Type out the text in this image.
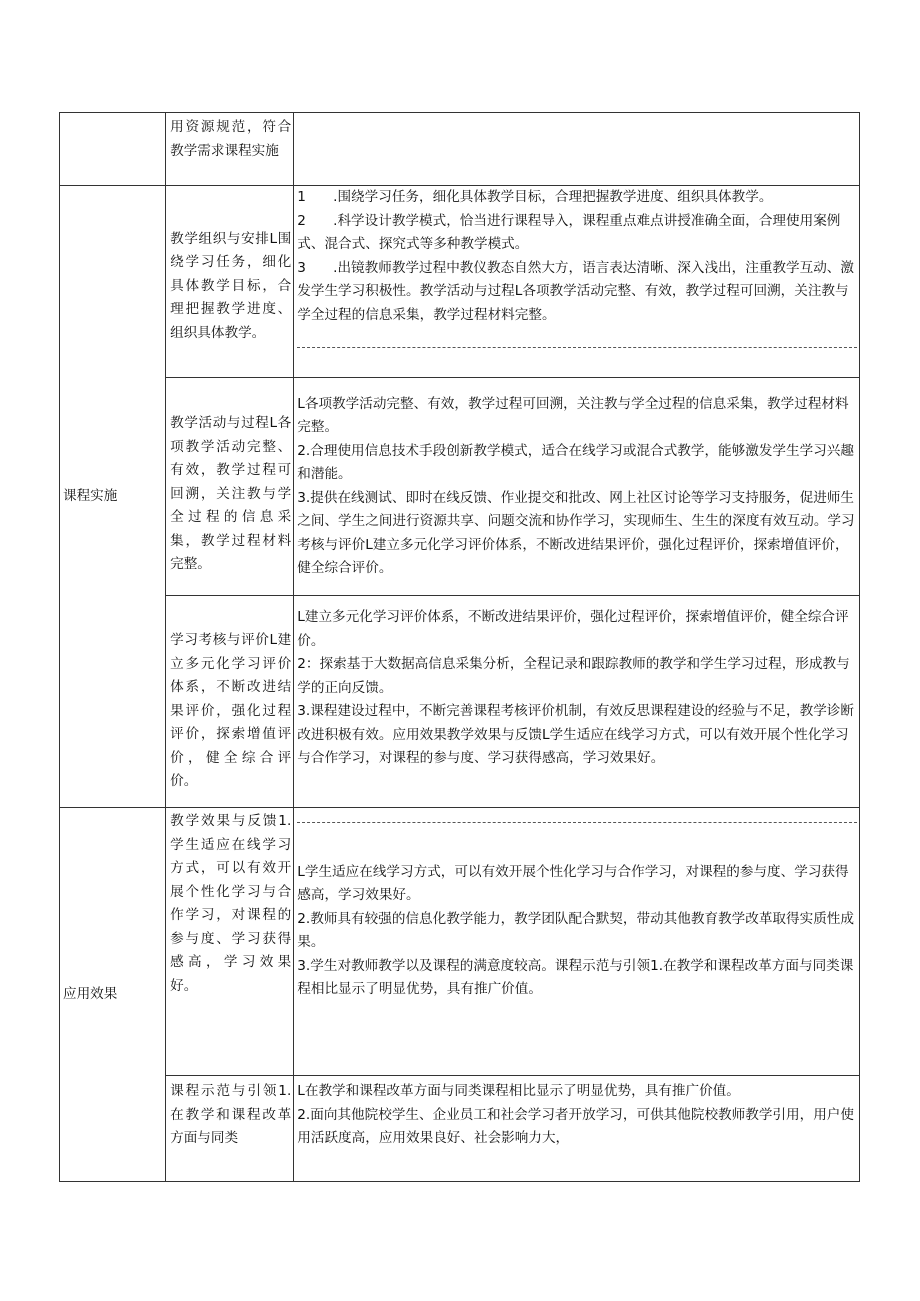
	用资源规范，符合教学需求课程实施	
课程实施	教学组织与安排L围绕学习任务，细化具体教学目标，合理把握教学进度、组织具体教学。	1　　.围绕学习任务，细化具体教学目标，合理把握教学进度、组织具体教学。
2　　.科学设计教学模式，恰当进行课程导入，课程重点难点讲授准确全面，合理使用案例式、混合式、探究式等多种教学模式。
3　　.出镜教师教学过程中教仪教态自然大方，语言表达清晰、深入浅出，注重教学互动、激发学生学习积极性。教学活动与过程L各项教学活动完整、有效，教学过程可回溯，关注教与学全过程的信息采集，教学过程材料完整。

	教学活动与过程L各项教学活动完整、有效，教学过程可回溯，关注教与学全过程的信息采集，教学过程材料完整。	L各项教学活动完整、有效，教学过程可回溯，关注教与学全过程的信息采集，教学过程材料完整。
2.合理使用信息技术手段创新教学模式，适合在线学习或混合式教学，能够激发学生学习兴趣和潜能。
3.提供在线测试、即时在线反馈、作业提交和批改、网上社区讨论等学习支持服务，促进师生之间、学生之间进行资源共享、问题交流和协作学习，实现师生、生生的深度有效互动。学习考核与评价L建立多元化学习评价体系，不断改进结果评价，强化过程评价，探索增值评价，健全综合评价。

	学习考核与评价L建立多元化学习评价体系，不断改进结果评价，强化过程评价，探索增值评价，健全综合评价。	L建立多元化学习评价体系，不断改进结果评价，强化过程评价，探索增值评价，健全综合评价。
2：探索基于大数据高信息采集分析，全程记录和跟踪教师的教学和学生学习过程，形成教与学的正向反馈。
3.课程建设过程中，不断完善课程考核评价机制，有效反思课程建设的经验与不足，教学诊断改进积极有效。应用效果教学效果与反馈L学生适应在线学习方式，可以有效开展个性化学习与合作学习，对课程的参与度、学习获得感高，学习效果好。

应用效果	教学效果与反馈1.学生适应在线学习方式，可以有效开展个性化学习与合作学习，对课程的参与度、学习获得感高，学习效果好。	L学生适应在线学习方式，可以有效开展个性化学习与合作学习，对课程的参与度、学习获得感高，学习效果好。
2.教师具有较强的信息化教学能力，教学团队配合默契，带动其他教育教学改革取得实质性成果。
3.学生对教师教学以及课程的满意度较高。课程示范与引领1.在教学和课程改革方面与同类课程相比显示了明显优势，具有推广价值。

	课程示范与引领1.在教学和课程改革方面与同类	L在教学和课程改革方面与同类课程相比显示了明显优势，具有推广价值。
2.面向其他院校学生、企业员工和社会学习者开放学习，可供其他院校教师教学引用，用户使用活跃度高，应用效果良好、社会影响力大，
